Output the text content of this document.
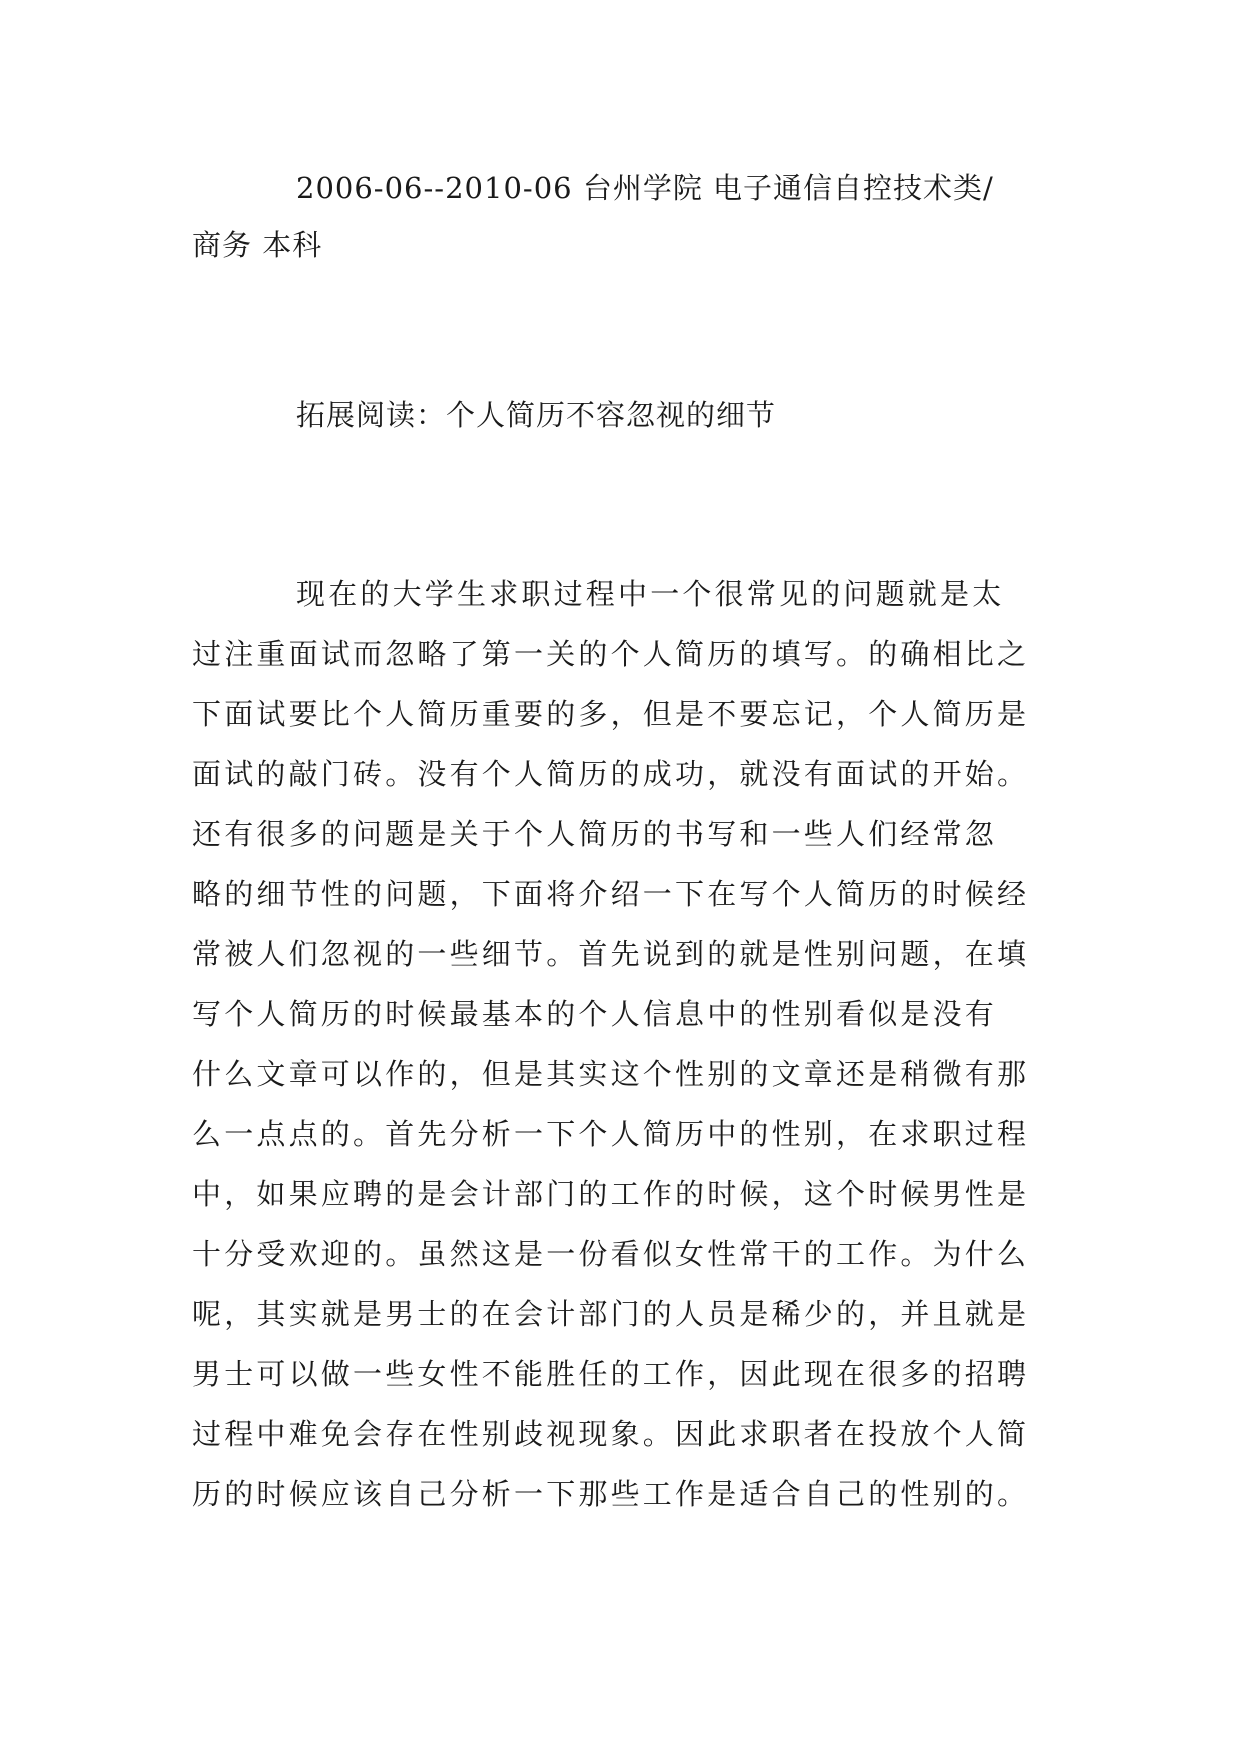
2006-06--2010-06 台州学院 电子通信自控技术类/
商务 本科
拓展阅读：个人简历不容忽视的细节
现在的大学生求职过程中一个很常见的问题就是太
过注重面试而忽略了第一关的个人简历的填写。的确相比之
下面试要比个人简历重要的多，但是不要忘记，个人简历是
面试的敲门砖。没有个人简历的成功，就没有面试的开始。
还有很多的问题是关于个人简历的书写和一些人们经常忽
略的细节性的问题，下面将介绍一下在写个人简历的时候经
常被人们忽视的一些细节。首先说到的就是性别问题，在填
写个人简历的时候最基本的个人信息中的性别看似是没有
什么文章可以作的，但是其实这个性别的文章还是稍微有那
么一点点的。首先分析一下个人简历中的性别，在求职过程
中，如果应聘的是会计部门的工作的时候，这个时候男性是
十分受欢迎的。虽然这是一份看似女性常干的工作。为什么
呢，其实就是男士的在会计部门的人员是稀少的，并且就是
男士可以做一些女性不能胜任的工作，因此现在很多的招聘
过程中难免会存在性别歧视现象。因此求职者在投放个人简
历的时候应该自己分析一下那些工作是适合自己的性别的。
